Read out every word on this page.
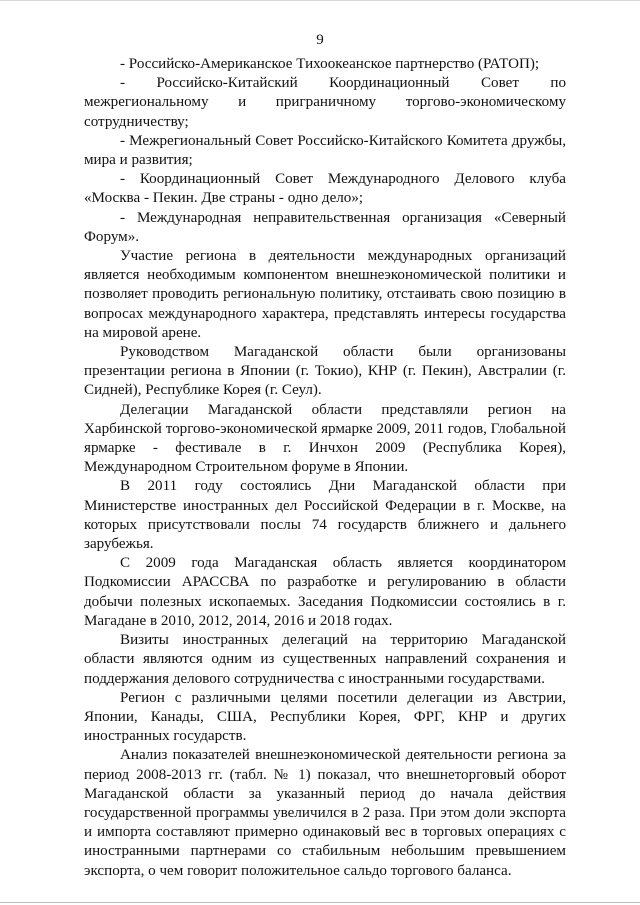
9

- Российско-Американское Тихоокеанское партнерство (РАТОП);

- Российско-Китайский Координационный Совет по межрегиональному и приграничному торгово-экономическому сотрудничеству;

- Межрегиональный Совет Российско-Китайского Комитета дружбы, мира и развития;

- Координационный Совет Международного Делового клуба «Москва - Пекин. Две страны - одно дело»;

- Международная неправительственная организация «Северный Форум».

Участие региона в деятельности международных организаций является необходимым компонентом внешнеэкономической политики и позволяет проводить региональную политику, отстаивать свою позицию в вопросах международного характера, представлять интересы государства на мировой арене.

Руководством Магаданской области были организованы презентации региона в Японии (г. Токио), КНР (г. Пекин), Австралии (г. Сидней), Республике Корея (г. Сеул).

Делегации Магаданской области представляли регион на Харбинской торгово-экономической ярмарке 2009, 2011 годов, Глобальной ярмарке - фестивале в г. Инчхон 2009 (Республика Корея), Международном Строительном форуме в Японии.

В 2011 году состоялись Дни Магаданской области при Министерстве иностранных дел Российской Федерации в г. Москве, на которых присутствовали послы 74 государств ближнего и дальнего зарубежья.

С 2009 года Магаданская область является координатором Подкомиссии АРАССВА по разработке и регулированию в области добычи полезных ископаемых. Заседания Подкомиссии состоялись в г. Магадане в 2010, 2012, 2014, 2016 и 2018 годах.

Визиты иностранных делегаций на территорию Магаданской области являются одним из существенных направлений сохранения и поддержания делового сотрудничества с иностранными государствами.

Регион с различными целями посетили делегации из Австрии, Японии, Канады, США, Республики Корея, ФРГ, КНР и других иностранных государств.

Анализ показателей внешнеэкономической деятельности региона за период 2008-2013 гг. (табл. № 1) показал, что внешнеторговый оборот Магаданской области за указанный период до начала действия государственной программы увеличился в 2 раза. При этом доли экспорта и импорта составляют примерно одинаковый вес в торговых операциях с иностранными партнерами со стабильным небольшим превышением экспорта, о чем говорит положительное сальдо торгового баланса.
